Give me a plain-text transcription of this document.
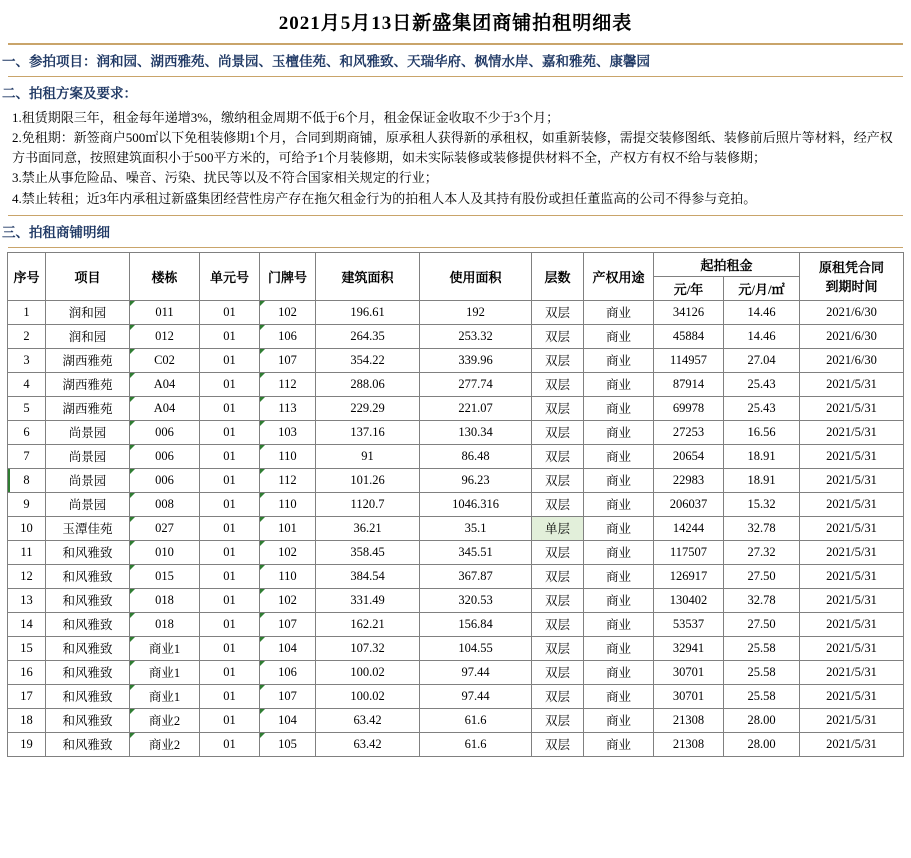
2021月5月13日新盛集团商铺拍租明细表
一、参拍项目：润和园、湖西雅苑、尚景园、玉檀佳苑、和风雅致、天瑞华府、枫情水岸、嘉和雅苑、康馨园
二、拍租方案及要求：
1.租赁期限三年，租金每年递增3%，缴纳租金周期不低于6个月，租金保证金收取不少于3个月；
2.免租期：新签商户500㎡以下免租装修期1个月，合同到期商铺，原承租人获得新的承租权，如重新装修，需提交装修图纸、装修前后照片等材料，经产权方书面同意，按照建筑面积小于500平方米的，可给予1个月装修期，如未实际装修或装修提供材料不全，产权方有权不给与装修期；
3.禁止从事危险品、噪音、污染、扰民等以及不符合国家相关规定的行业；
4.禁止转租；近3年内承租过新盛集团经营性房产存在拖欠租金行为的拍租人本人及其持有股份或担任董监高的公司不得参与竞拍。
三、拍租商铺明细
序号	项目	楼栋	单元号	门牌号	建筑面积	使用面积	层数	产权用途	起拍租金		原租凭合同
到期时间

									元/年	元/月/㎡	
1	润和园	011	01	102	196.61	192	双层	商业	34126	14.46	2021/6/30
2	润和园	012	01	106	264.35	253.32	双层	商业	45884	14.46	2021/6/30
3	湖西雅苑	C02	01	107	354.22	339.96	双层	商业	114957	27.04	2021/6/30
4	湖西雅苑	A04	01	112	288.06	277.74	双层	商业	87914	25.43	2021/5/31
5	湖西雅苑	A04	01	113	229.29	221.07	双层	商业	69978	25.43	2021/5/31
6	尚景园	006	01	103	137.16	130.34	双层	商业	27253	16.56	2021/5/31
7	尚景园	006	01	110	91	86.48	双层	商业	20654	18.91	2021/5/31
8	尚景园	006	01	112	101.26	96.23	双层	商业	22983	18.91	2021/5/31
9	尚景园	008	01	110	1120.7	1046.316	双层	商业	206037	15.32	2021/5/31
10	玉潭佳苑	027	01	101	36.21	35.1	单层	商业	14244	32.78	2021/5/31
11	和风雅致	010	01	102	358.45	345.51	双层	商业	117507	27.32	2021/5/31
12	和风雅致	015	01	110	384.54	367.87	双层	商业	126917	27.50	2021/5/31
13	和风雅致	018	01	102	331.49	320.53	双层	商业	130402	32.78	2021/5/31
14	和风雅致	018	01	107	162.21	156.84	双层	商业	53537	27.50	2021/5/31
15	和风雅致	商业1	01	104	107.32	104.55	双层	商业	32941	25.58	2021/5/31
16	和风雅致	商业1	01	106	100.02	97.44	双层	商业	30701	25.58	2021/5/31
17	和风雅致	商业1	01	107	100.02	97.44	双层	商业	30701	25.58	2021/5/31
18	和风雅致	商业2	01	104	63.42	61.6	双层	商业	21308	28.00	2021/5/31
19	和风雅致	商业2	01	105	63.42	61.6	双层	商业	21308	28.00	2021/5/31
